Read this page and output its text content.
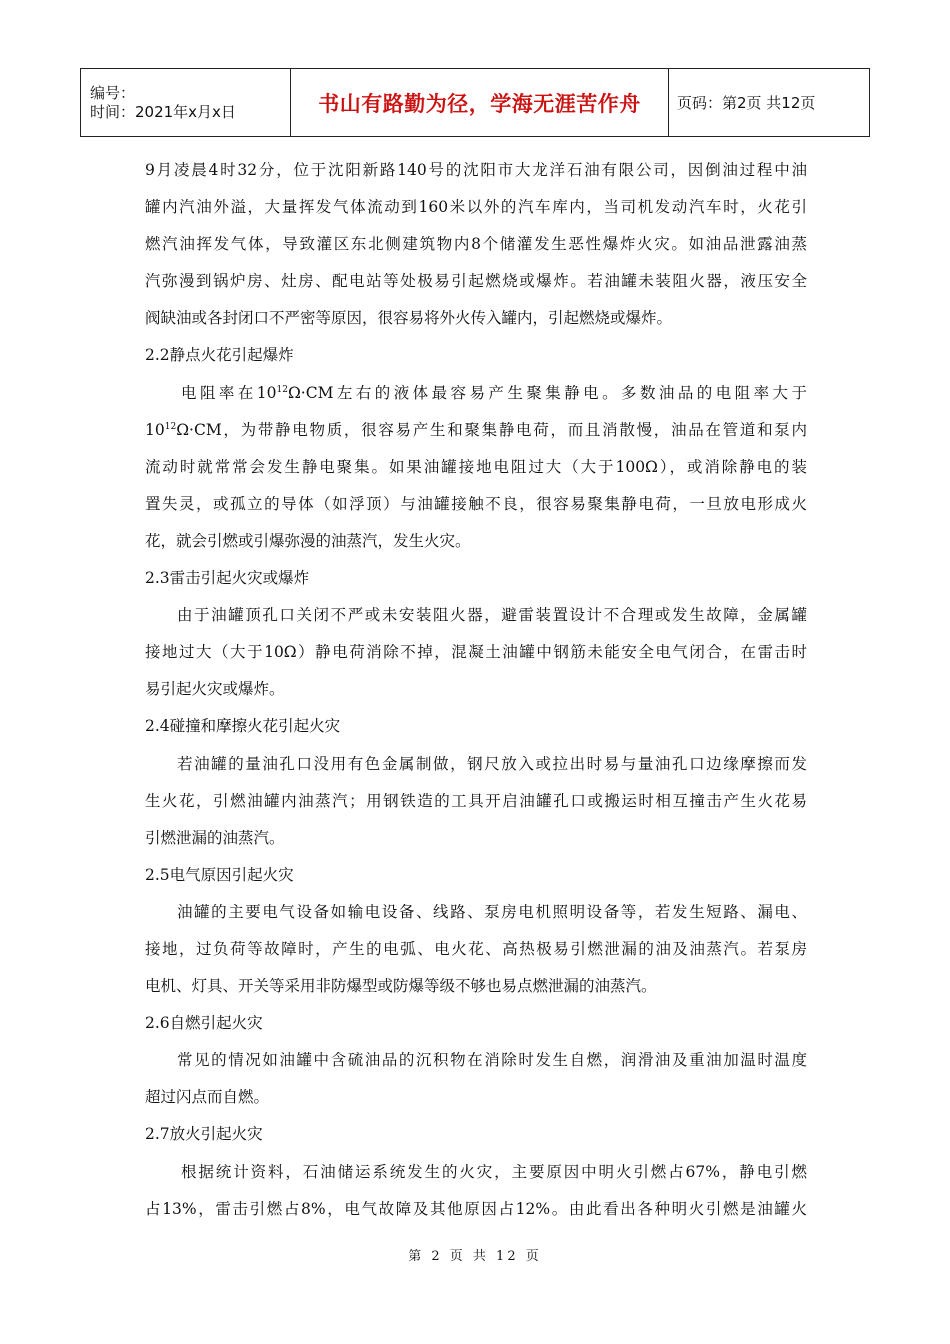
编号：
时间：2021年x月x日	书山有路勤为径，学海无涯苦作舟	页码：第2页 共12页
9月凌晨4时32分，位于沈阳新路140号的沈阳市大龙洋石油有限公司，因倒油过程中油
罐内汽油外溢，大量挥发气体流动到160米以外的汽车库内，当司机发动汽车时，火花引
燃汽油挥发气体，导致灌区东北侧建筑物内8个储灌发生恶性爆炸火灾。如油品泄露油蒸
汽弥漫到锅炉房、灶房、配电站等处极易引起燃烧或爆炸。若油罐未装阻火器，液压安全
阀缺油或各封闭口不严密等原因，很容易将外火传入罐内，引起燃烧或爆炸。
2.2静点火花引起爆炸
电阻率在$10^{12}\Omega\cdot CM$左右的液体最容易产生聚集静电。多数油品的电阻率大于
$10^{12}\Omega\cdot CM$，为带静电物质，很容易产生和聚集静电荷，而且消散慢，油品在管道和泵内
流动时就常常会发生静电聚集。如果油罐接地电阻过大（大于100Ω），或消除静电的装
置失灵，或孤立的导体（如浮顶）与油罐接触不良，很容易聚集静电荷，一旦放电形成火
花，就会引燃或引爆弥漫的油蒸汽，发生火灾。
2.3雷击引起火灾或爆炸
由于油罐顶孔口关闭不严或未安装阻火器，避雷装置设计不合理或发生故障，金属罐
接地过大（大于10Ω）静电荷消除不掉，混凝土油罐中钢筋未能安全电气闭合，在雷击时
易引起火灾或爆炸。
2.4碰撞和摩擦火花引起火灾
若油罐的量油孔口没用有色金属制做，钢尺放入或拉出时易与量油孔口边缘摩擦而发
生火花，引燃油罐内油蒸汽；用钢铁造的工具开启油罐孔口或搬运时相互撞击产生火花易
引燃泄漏的油蒸汽。
2.5电气原因引起火灾
油罐的主要电气设备如输电设备、线路、泵房电机照明设备等，若发生短路、漏电、
接地，过负荷等故障时，产生的电弧、电火花、高热极易引燃泄漏的油及油蒸汽。若泵房
电机、灯具、开关等采用非防爆型或防爆等级不够也易点燃泄漏的油蒸汽。
2.6自燃引起火灾
常见的情况如油罐中含硫油品的沉积物在消除时发生自燃，润滑油及重油加温时温度
超过闪点而自燃。
2.7放火引起火灾
根据统计资料，石油储运系统发生的火灾，主要原因中明火引燃占67%，静电引燃
占13%，雷击引燃占8%，电气故障及其他原因占12%。由此看出各种明火引燃是油罐火
第 2 页 共 12 页
